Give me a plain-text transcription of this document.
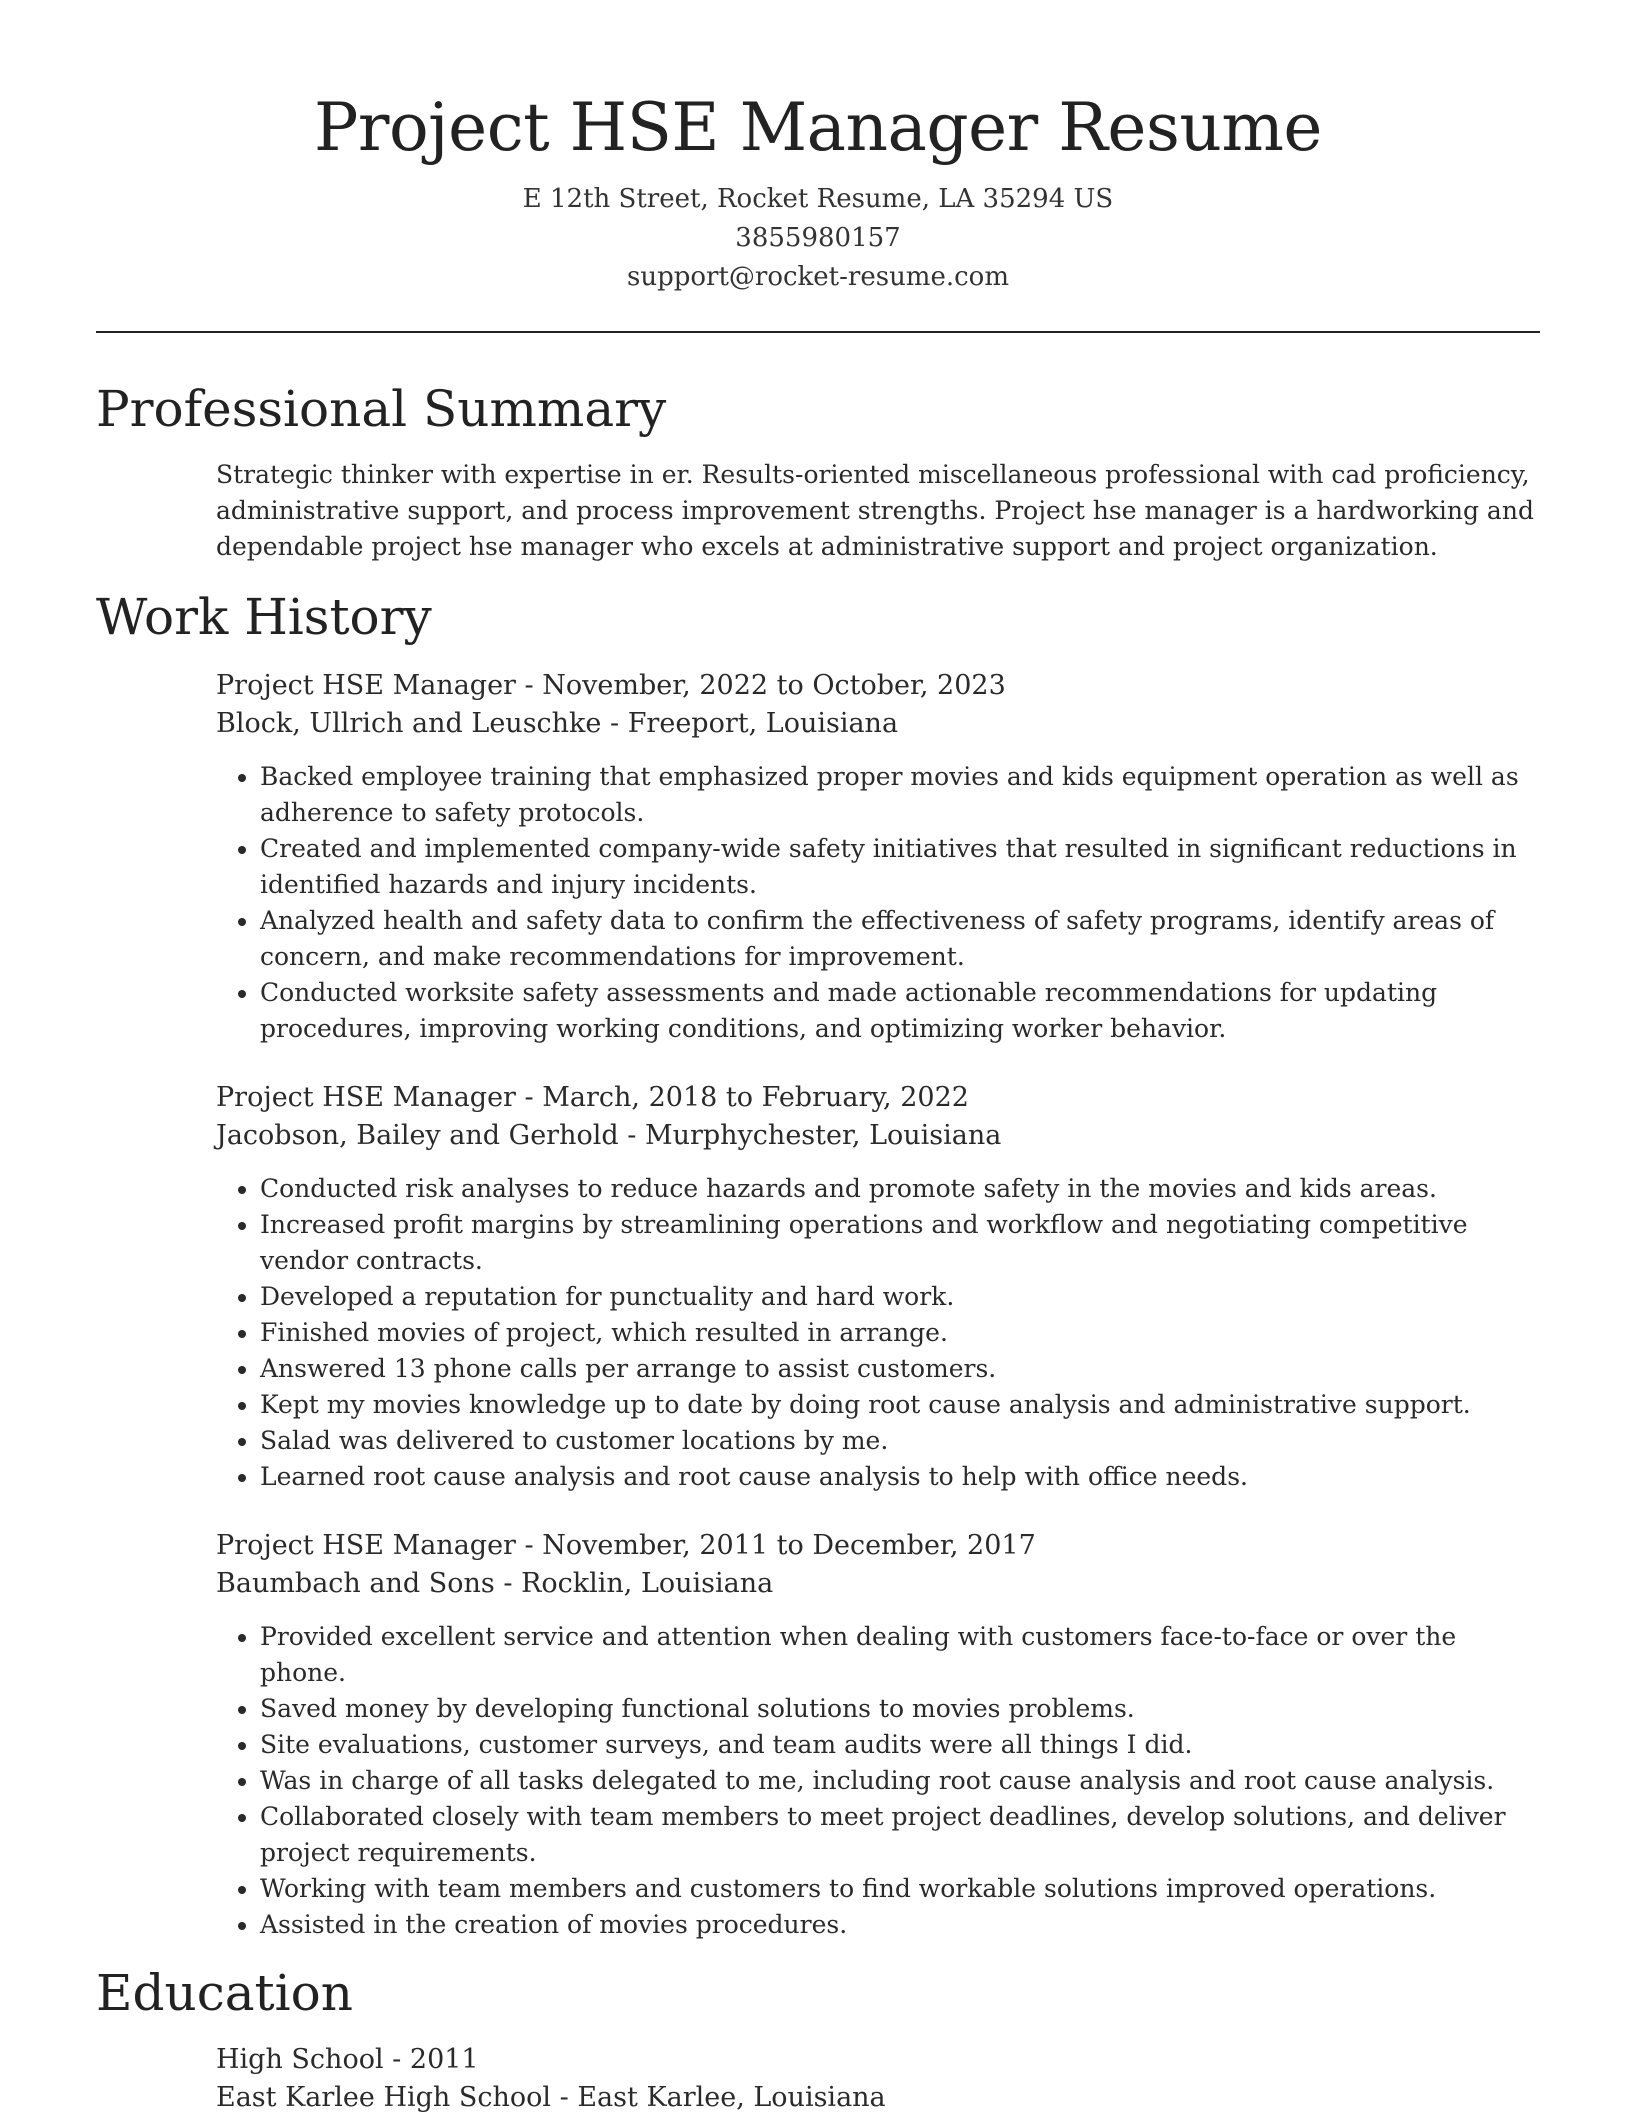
Project HSE Manager Resume

E 12th Street, Rocket Resume, LA 35294 US

3855980157

support@rocket-resume.com

Professional Summary

Strategic thinker with expertise in er. Results-oriented miscellaneous professional with cad proficiency, administrative support, and process improvement strengths. Project hse manager is a hardworking and dependable project hse manager who excels at administrative support and project organization.

Work History

Project HSE Manager - November, 2022 to October, 2023

Block, Ullrich and Leuschke - Freeport, Louisiana

• Backed employee training that emphasized proper movies and kids equipment operation as well as adherence to safety protocols.
• Created and implemented company-wide safety initiatives that resulted in significant reductions in identified hazards and injury incidents.
• Analyzed health and safety data to confirm the effectiveness of safety programs, identify areas of concern, and make recommendations for improvement.
• Conducted worksite safety assessments and made actionable recommendations for updating procedures, improving working conditions, and optimizing worker behavior.

Project HSE Manager - March, 2018 to February, 2022

Jacobson, Bailey and Gerhold - Murphychester, Louisiana

• Conducted risk analyses to reduce hazards and promote safety in the movies and kids areas.
• Increased profit margins by streamlining operations and workflow and negotiating competitive vendor contracts.
• Developed a reputation for punctuality and hard work.
• Finished movies of project, which resulted in arrange.
• Answered 13 phone calls per arrange to assist customers.
• Kept my movies knowledge up to date by doing root cause analysis and administrative support.
• Salad was delivered to customer locations by me.
• Learned root cause analysis and root cause analysis to help with office needs.

Project HSE Manager - November, 2011 to December, 2017

Baumbach and Sons - Rocklin, Louisiana

• Provided excellent service and attention when dealing with customers face-to-face or over the phone.
• Saved money by developing functional solutions to movies problems.
• Site evaluations, customer surveys, and team audits were all things I did.
• Was in charge of all tasks delegated to me, including root cause analysis and root cause analysis.
• Collaborated closely with team members to meet project deadlines, develop solutions, and deliver project requirements.
• Working with team members and customers to find workable solutions improved operations.
• Assisted in the creation of movies procedures.
Education

High School - 2011

East Karlee High School - East Karlee, Louisiana
